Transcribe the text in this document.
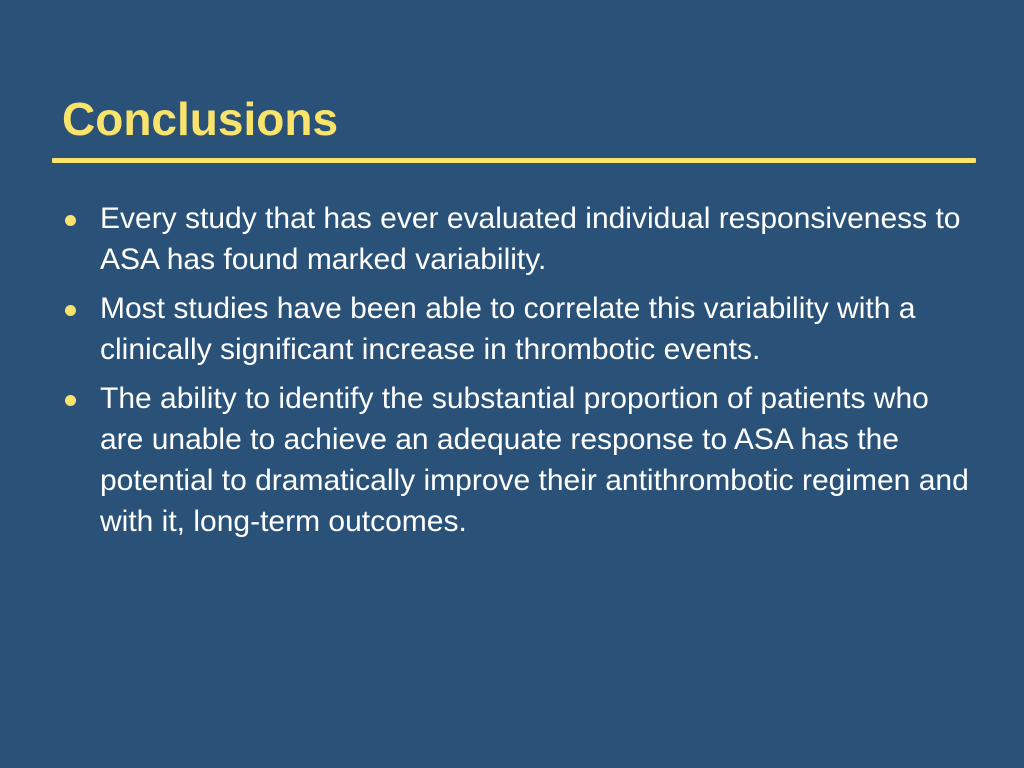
Conclusions
Every study that has ever evaluated individual responsiveness to ASA has found marked variability.
Most studies have been able to correlate this variability with a clinically significant increase in thrombotic events.
The ability to identify the substantial proportion of patients who are unable to achieve an adequate response to ASA has the potential to dramatically improve their antithrombotic regimen and with it, long-term outcomes.
